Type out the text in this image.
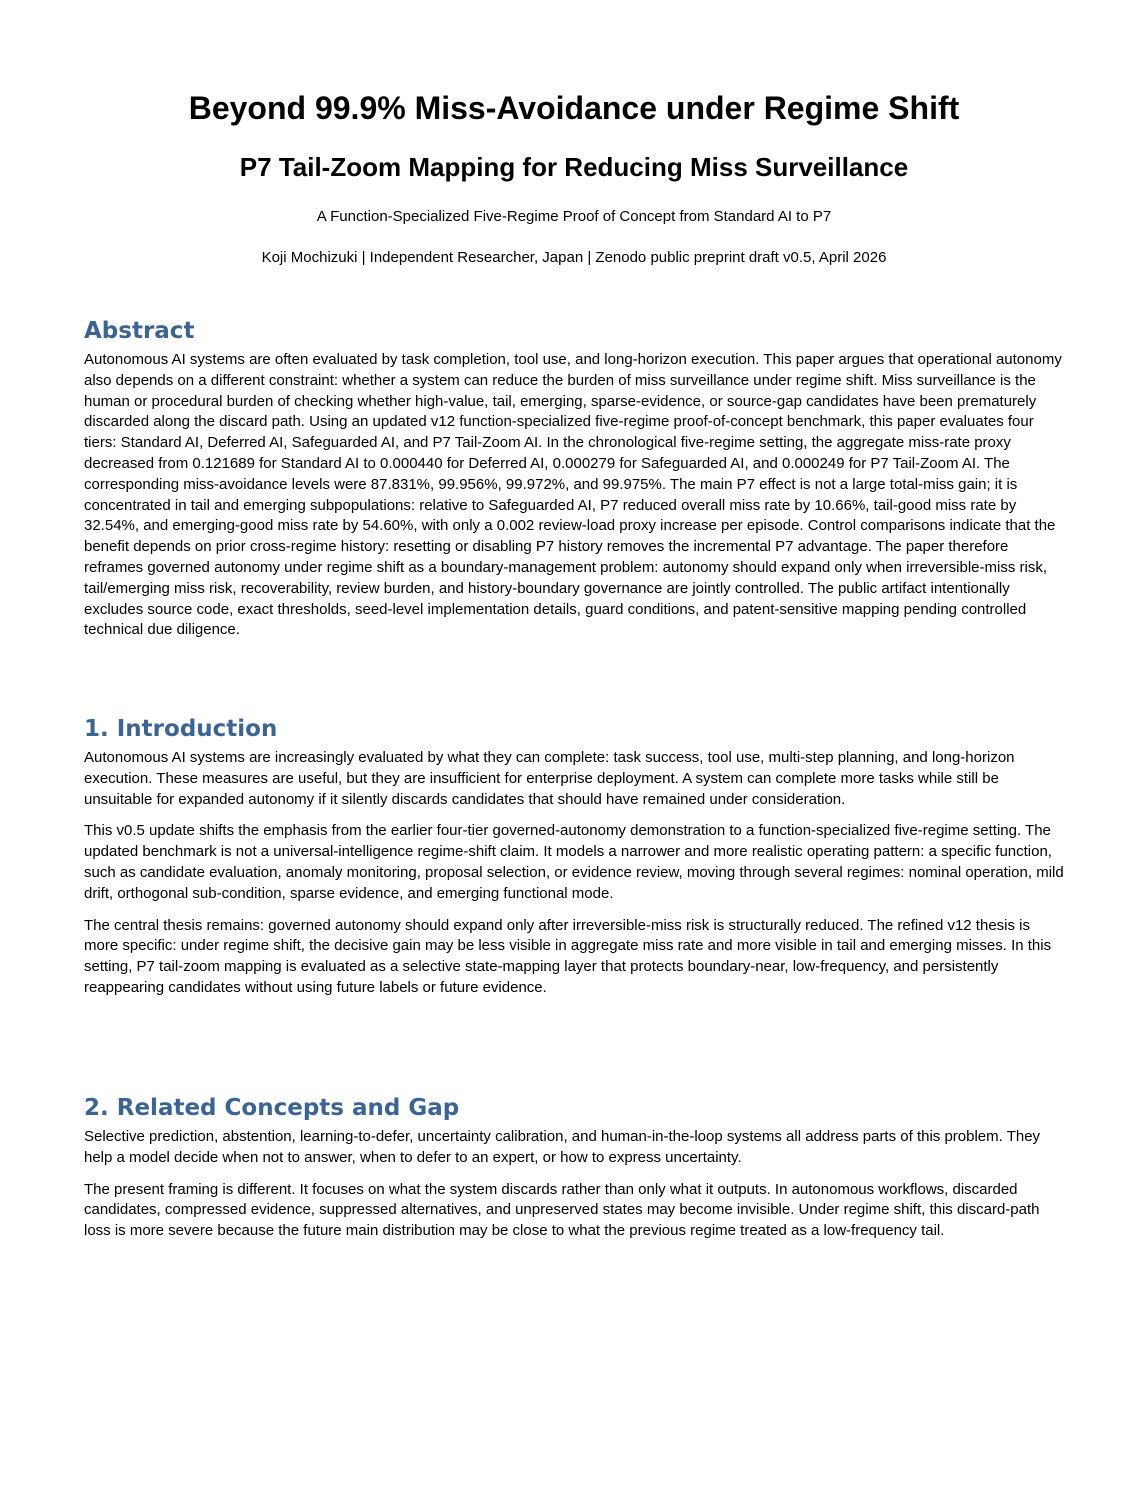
Beyond 99.9% Miss-Avoidance under Regime Shift
P7 Tail-Zoom Mapping for Reducing Miss Surveillance
A Function-Specialized Five-Regime Proof of Concept from Standard AI to P7
Koji Mochizuki | Independent Researcher, Japan | Zenodo public preprint draft v0.5, April 2026
Abstract

Autonomous AI systems are often evaluated by task completion, tool use, and long-horizon execution. This paper argues that operational autonomy also depends on a different constraint: whether a system can reduce the burden of miss surveillance under regime shift. Miss surveillance is the human or procedural burden of checking whether high-value, tail, emerging, sparse-evidence, or source-gap candidates have been prematurely discarded along the discard path. Using an updated v12 function-specialized five-regime proof-of-concept benchmark, this paper evaluates four tiers: Standard AI, Deferred AI, Safeguarded AI, and P7 Tail-Zoom AI. In the chronological five-regime setting, the aggregate miss-rate proxy decreased from 0.121689 for Standard AI to 0.000440 for Deferred AI, 0.000279 for Safeguarded AI, and 0.000249 for P7 Tail-Zoom AI. The corresponding miss-avoidance levels were 87.831%, 99.956%, 99.972%, and 99.975%. The main P7 effect is not a large total-miss gain; it is concentrated in tail and emerging subpopulations: relative to Safeguarded AI, P7 reduced overall miss rate by 10.66%, tail-good miss rate by 32.54%, and emerging-good miss rate by 54.60%, with only a 0.002 review-load proxy increase per episode. Control comparisons indicate that the benefit depends on prior cross-regime history: resetting or disabling P7 history removes the incremental P7 advantage. The paper therefore reframes governed autonomy under regime shift as a boundary-management problem: autonomy should expand only when irreversible-miss risk, tail/emerging miss risk, recoverability, review burden, and history-boundary governance are jointly controlled. The public artifact intentionally excludes source code, exact thresholds, seed-level implementation details, guard conditions, and patent-sensitive mapping pending controlled technical due diligence.

1. Introduction

Autonomous AI systems are increasingly evaluated by what they can complete: task success, tool use, multi-step planning, and long-horizon execution. These measures are useful, but they are insufficient for enterprise deployment. A system can complete more tasks while still be unsuitable for expanded autonomy if it silently discards candidates that should have remained under consideration.

This v0.5 update shifts the emphasis from the earlier four-tier governed-autonomy demonstration to a function-specialized five-regime setting. The updated benchmark is not a universal-intelligence regime-shift claim. It models a narrower and more realistic operating pattern: a specific function, such as candidate evaluation, anomaly monitoring, proposal selection, or evidence review, moving through several regimes: nominal operation, mild drift, orthogonal sub-condition, sparse evidence, and emerging functional mode.

The central thesis remains: governed autonomy should expand only after irreversible-miss risk is structurally reduced. The refined v12 thesis is more specific: under regime shift, the decisive gain may be less visible in aggregate miss rate and more visible in tail and emerging misses. In this setting, P7 tail-zoom mapping is evaluated as a selective state-mapping layer that protects boundary-near, low-frequency, and persistently reappearing candidates without using future labels or future evidence.

2. Related Concepts and Gap

Selective prediction, abstention, learning-to-defer, uncertainty calibration, and human-in-the-loop systems all address parts of this problem. They help a model decide when not to answer, when to defer to an expert, or how to express uncertainty.

The present framing is different. It focuses on what the system discards rather than only what it outputs. In autonomous workflows, discarded candidates, compressed evidence, suppressed alternatives, and unpreserved states may become invisible. Under regime shift, this discard-path loss is more severe because the future main distribution may be close to what the previous regime treated as a low-frequency tail.
